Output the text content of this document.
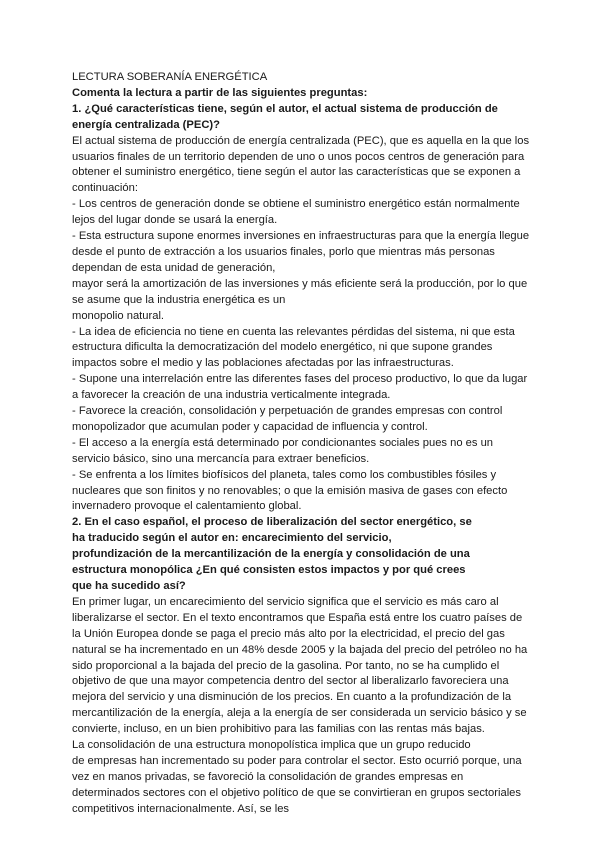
LECTURA SOBERANÍA ENERGÉTICA
Comenta la lectura a partir de las siguientes preguntas:
1. ¿Qué características tiene, según el autor, el actual sistema de producción de
energía centralizada (PEC)?
El actual sistema de producción de energía centralizada (PEC), que es aquella en la que los
usuarios finales de un territorio dependen de uno o unos pocos centros de generación para
obtener el suministro energético, tiene según el autor las características que se exponen a
continuación:
- Los centros de generación donde se obtiene el suministro energético están normalmente
lejos del lugar donde se usará la energía.
- Esta estructura supone enormes inversiones en infraestructuras para que la energía llegue
desde el punto de extracción a los usuarios finales, porlo que mientras más personas
dependan de esta unidad de generación,
mayor será la amortización de las inversiones y más eficiente será la producción, por lo que
se asume que la industria energética es un
monopolio natural.
- La idea de eficiencia no tiene en cuenta las relevantes pérdidas del sistema, ni que esta
estructura dificulta la democratización del modelo energético, ni que supone grandes
impactos sobre el medio y las poblaciones afectadas por las infraestructuras.
- Supone una interrelación entre las diferentes fases del proceso productivo, lo que da lugar
a favorecer la creación de una industria verticalmente integrada.
- Favorece la creación, consolidación y perpetuación de grandes empresas con control
monopolizador que acumulan poder y capacidad de influencia y control.
- El acceso a la energía está determinado por condicionantes sociales pues no es un
servicio básico, sino una mercancía para extraer beneficios.
- Se enfrenta a los límites biofísicos del planeta, tales como los combustibles fósiles y
nucleares que son finitos y no renovables; o que la emisión masiva de gases con efecto
invernadero provoque el calentamiento global.
2. En el caso español, el proceso de liberalización del sector energético, se
ha traducido según el autor en: encarecimiento del servicio,
profundización de la mercantilización de la energía y consolidación de una
estructura monopólica ¿En qué consisten estos impactos y por qué crees
que ha sucedido así?
En primer lugar, un encarecimiento del servicio significa que el servicio es más caro al
liberalizarse el sector. En el texto encontramos que España está entre los cuatro países de
la Unión Europea donde se paga el precio más alto por la electricidad, el precio del gas
natural se ha incrementado en un 48% desde 2005 y la bajada del precio del petróleo no ha
sido proporcional a la bajada del precio de la gasolina. Por tanto, no se ha cumplido el
objetivo de que una mayor competencia dentro del sector al liberalizarlo favoreciera una
mejora del servicio y una disminución de los precios. En cuanto a la profundización de la
mercantilización de la energía, aleja a la energía de ser considerada un servicio básico y se
convierte, incluso, en un bien prohibitivo para las familias con las rentas más bajas.
La consolidación de una estructura monopolística implica que un grupo reducido
de empresas han incrementado su poder para controlar el sector. Esto ocurrió porque, una
vez en manos privadas, se favoreció la consolidación de grandes empresas en
determinados sectores con el objetivo político de que se convirtieran en grupos sectoriales
competitivos internacionalmente. Así, se les
